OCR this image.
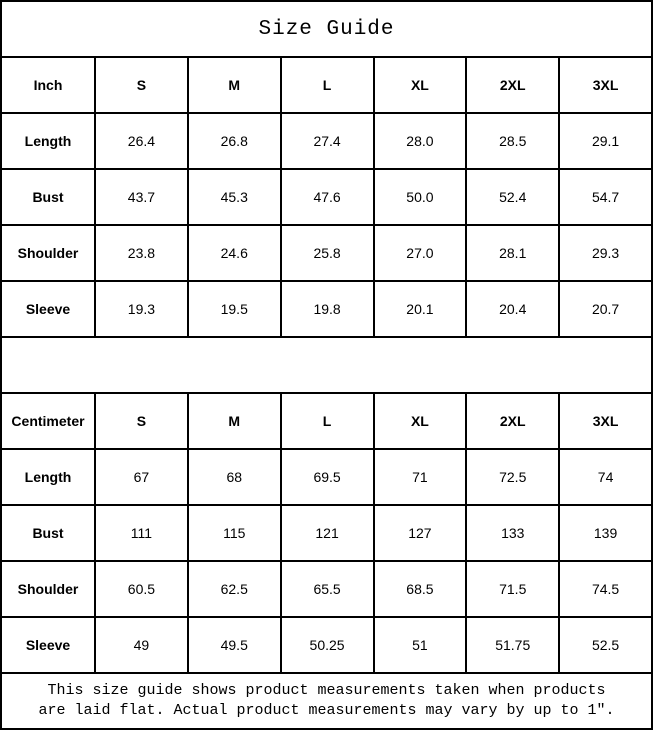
Size Guide
Inch	S	M	L	XL	2XL	3XL
Length	26.4	26.8	27.4	28.0	28.5	29.1
Bust	43.7	45.3	47.6	50.0	52.4	54.7
Shoulder	23.8	24.6	25.8	27.0	28.1	29.3
Sleeve	19.3	19.5	19.8	20.1	20.4	20.7
Centimeter	S	M	L	XL	2XL	3XL
Length	67	68	69.5	71	72.5	74
Bust	111	115	121	127	133	139
Shoulder	60.5	62.5	65.5	68.5	71.5	74.5
Sleeve	49	49.5	50.25	51	51.75	52.5
This size guide shows product measurements taken when products
are laid flat. Actual product measurements may vary by up to 1″.
